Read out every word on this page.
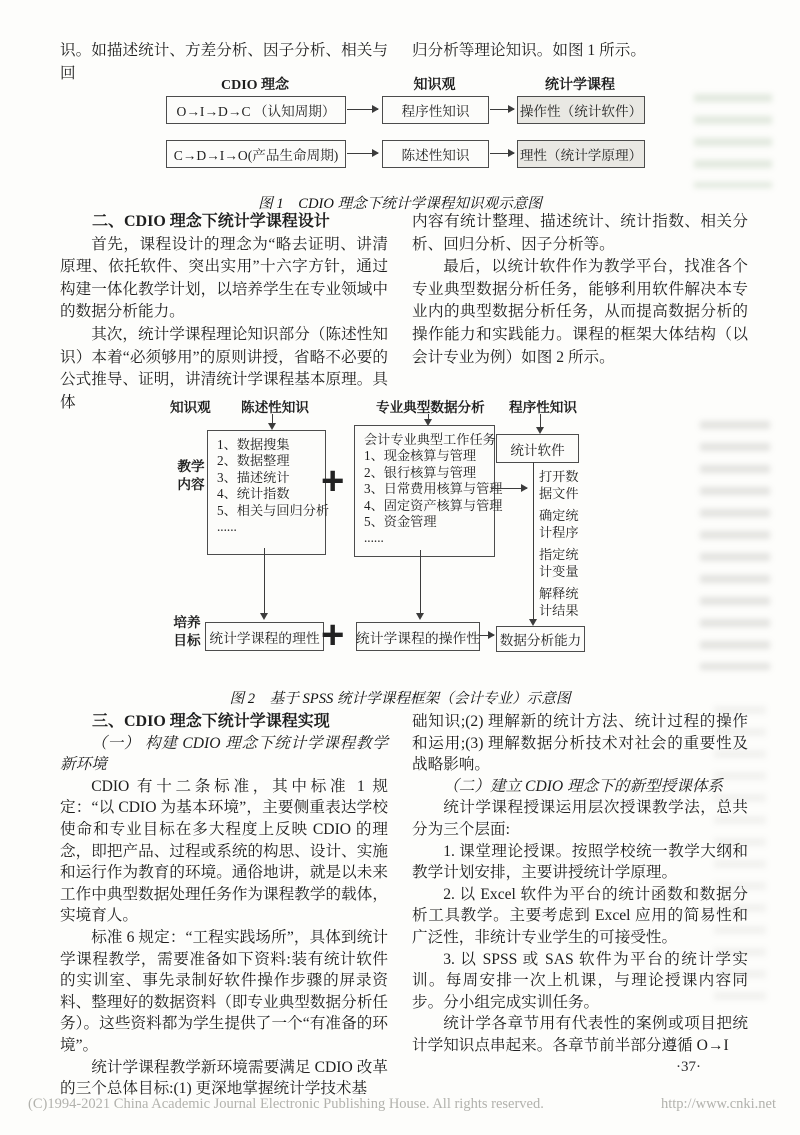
识。如描述统计、方差分析、因子分析、相关与回
归分析等理论知识。如图 1 所示。
CDIO 理念	知识观	统计学课程
O→I→D→C （认知周期）	程序性知识	操作性（统计软件）
C→D→I→O(产品生命周期)	陈述性知识	理性（统计学原理）
图 1　CDIO 理念下统计学课程知识观示意图
二、CDIO 理念下统计学课程设计
首先，课程设计的理念为“略去证明、讲清原理、依托软件、突出实用”十六字方针，通过构建一体化教学计划，以培养学生在专业领域中的数据分析能力。
其次，统计学课程理论知识部分（陈述性知识）本着“必须够用”的原则讲授，省略不必要的公式推导、证明，讲清统计学课程基本原理。具体
内容有统计整理、描述统计、统计指数、相关分析、回归分析、因子分析等。
最后，以统计软件作为教学平台，找准各个专业典型数据分析任务，能够利用软件解决本专业内的典型数据分析任务，从而提高数据分析的操作能力和实践能力。课程的框架大体结构（以会计专业为例）如图 2 所示。
知识观 陈述性知识	专业典型数据分析 程序性知识
1、数据搜集
2、数据整理
3、描述统计
4、统计指数
5、相关与回归分析
......
教学内容	+
会计专业典型工作任务
1、现金核算与管理
2、银行核算与管理
3、日常费用核算与管理
4、固定资产核算与管理
5、资金管理
......
统计软件
打开数据文件
确定统计程序
指定统计变量
解释统计结果
培养目标 统计学课程的理性 + 统计学课程的操作性 数据分析能力
图 2　基于 SPSS 统计学课程框架（会计专业）示意图
三、CDIO 理念下统计学课程实现
（一） 构建 CDIO 理念下统计学课程教学新环境
CDIO 有十二条标准，其中标准 1 规定：“以 CDIO 为基本环境”，主要侧重表达学校使命和专业目标在多大程度上反映 CDIO 的理念，即把产品、过程或系统的构思、设计、实施和运行作为教育的环境。通俗地讲，就是以未来工作中典型数据处理任务作为课程教学的载体，实境育人。
标准 6 规定：“工程实践场所”，具体到统计学课程教学，需要准备如下资料:装有统计软件的实训室、事先录制好软件操作步骤的屏录资料、整理好的数据资料（即专业典型数据分析任务）。这些资料都为学生提供了一个“有准备的环境”。
统计学课程教学新环境需要满足 CDIO 改革的三个总体目标:(1) 更深地掌握统计学技术基
础知识;(2) 理解新的统计方法、统计过程的操作和运用;(3) 理解数据分析技术对社会的重要性及战略影响。
（二）建立 CDIO 理念下的新型授课体系
统计学课程授课运用层次授课教学法，总共分为三个层面:
1. 课堂理论授课。按照学校统一教学大纲和教学计划安排，主要讲授统计学原理。
2. 以 Excel 软件为平台的统计函数和数据分析工具教学。主要考虑到 Excel 应用的简易性和广泛性，非统计专业学生的可接受性。
3. 以 SPSS 或 SAS 软件为平台的统计学实训。每周安排一次上机课，与理论授课内容同步。分小组完成实训任务。
统计学各章节用有代表性的案例或项目把统计学知识点串起来。各章节前半部分遵循 O→I
·37·
(C)1994-2021 China Academic Journal Electronic Publishing House. All rights reserved.	http://www.cnki.net
